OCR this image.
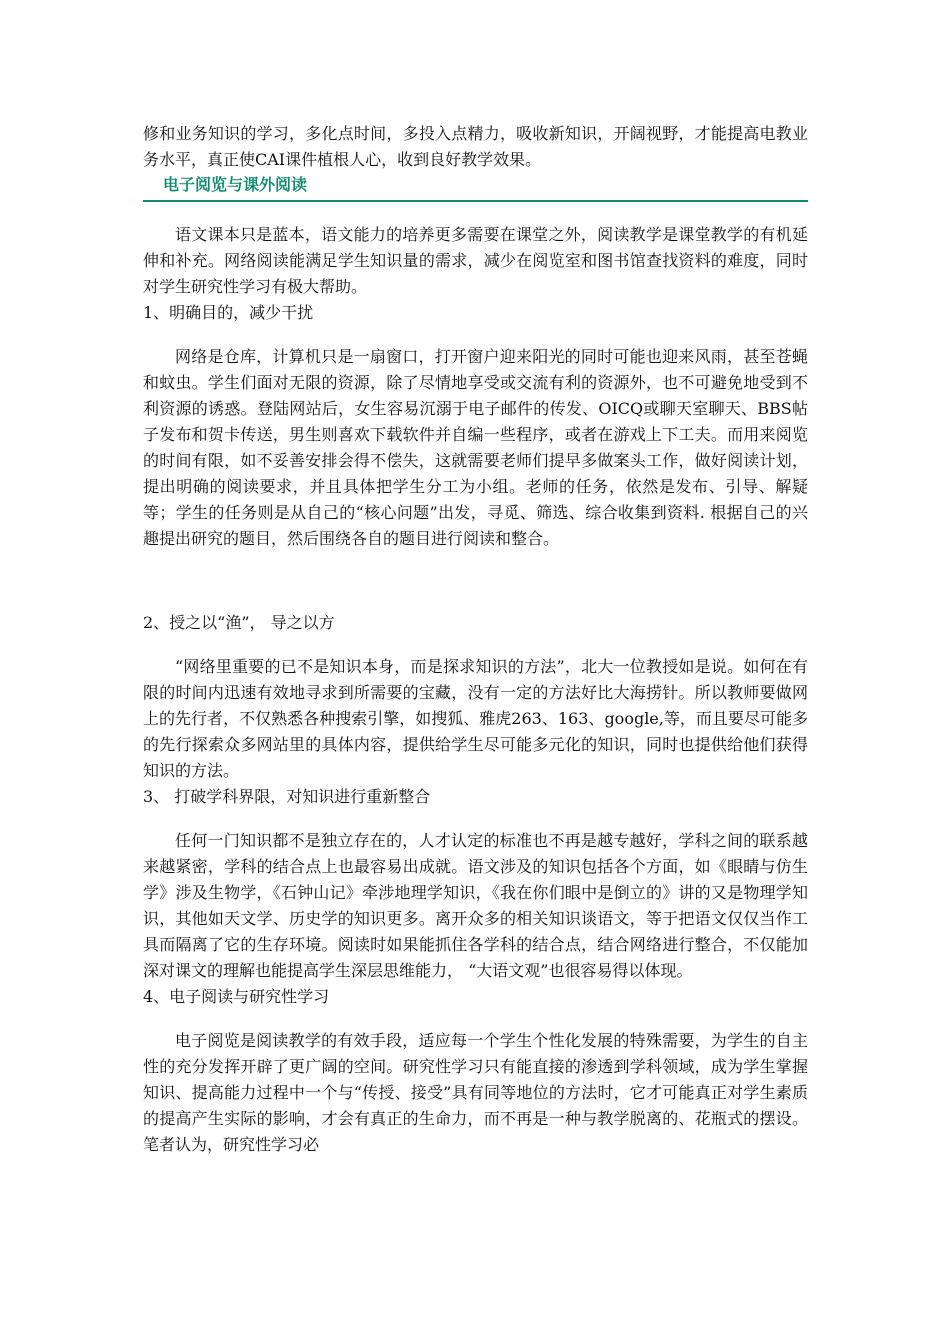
修和业务知识的学习，多化点时间，多投入点精力，吸收新知识，开阔视野，才能提高电教业务水平，真正使CAI课件植根人心，收到良好教学效果。

电子阅览与课外阅读

语文课本只是蓝本，语文能力的培养更多需要在课堂之外，阅读教学是课堂教学的有机延伸和补充。网络阅读能满足学生知识量的需求，减少在阅览室和图书馆查找资料的难度，同时对学生研究性学习有极大帮助。

1、明确目的，减少干扰

网络是仓库，计算机只是一扇窗口，打开窗户迎来阳光的同时可能也迎来风雨，甚至苍蝇和蚊虫。学生们面对无限的资源，除了尽情地享受或交流有利的资源外，也不可避免地受到不利资源的诱惑。登陆网站后，女生容易沉溺于电子邮件的传发、OICQ或聊天室聊天、BBS帖子发布和贺卡传送，男生则喜欢下载软件并自编一些程序，或者在游戏上下工夫。而用来阅览的时间有限，如不妥善安排会得不偿失，这就需要老师们提早多做案头工作，做好阅读计划，提出明确的阅读要求，并且具体把学生分工为小组。老师的任务，依然是发布、引导、解疑等；学生的任务则是从自己的“核心问题”出发，寻觅、筛选、综合收集到资料. 根据自己的兴趣提出研究的题目，然后围绕各自的题目进行阅读和整合。

2、授之以“渔”， 导之以方

“网络里重要的已不是知识本身，而是探求知识的方法”，北大一位教授如是说。如何在有限的时间内迅速有效地寻求到所需要的宝藏，没有一定的方法好比大海捞针。所以教师要做网上的先行者，不仅熟悉各种搜索引擎，如搜狐、雅虎263、163、google,等，而且要尽可能多的先行探索众多网站里的具体内容，提供给学生尽可能多元化的知识，同时也提供给他们获得知识的方法。

3、 打破学科界限，对知识进行重新整合

任何一门知识都不是独立存在的，人才认定的标准也不再是越专越好，学科之间的联系越来越紧密，学科的结合点上也最容易出成就。语文涉及的知识包括各个方面，如《眼睛与仿生学》涉及生物学，《石钟山记》牵涉地理学知识，《我在你们眼中是倒立的》讲的又是物理学知识，其他如天文学、历史学的知识更多。离开众多的相关知识谈语文，等于把语文仅仅当作工具而隔离了它的生存环境。阅读时如果能抓住各学科的结合点，结合网络进行整合，不仅能加深对课文的理解也能提高学生深层思维能力， “大语文观”也很容易得以体现。

4、电子阅读与研究性学习

电子阅览是阅读教学的有效手段，适应每一个学生个性化发展的特殊需要，为学生的自主性的充分发挥开辟了更广阔的空间。研究性学习只有能直接的渗透到学科领域，成为学生掌握知识、提高能力过程中一个与“传授、接受”具有同等地位的方法时，它才可能真正对学生素质的提高产生实际的影响，才会有真正的生命力，而不再是一种与教学脱离的、花瓶式的摆设。笔者认为，研究性学习必
